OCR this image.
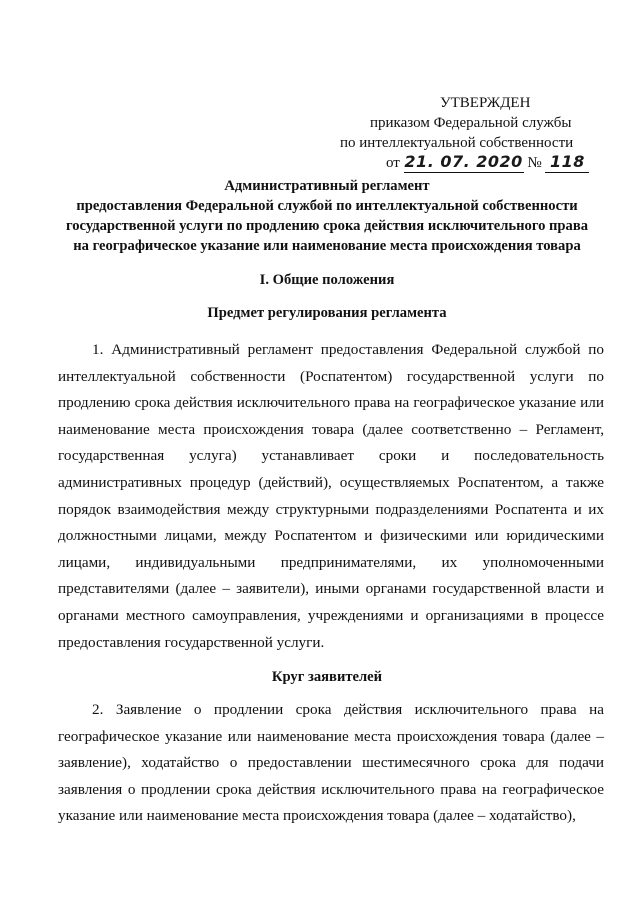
УТВЕРЖДЕН
приказом Федеральной службы
по интеллектуальной собственности
от 21. 07. 2020 № 118
Административный регламент
предоставления Федеральной службой по интеллектуальной собственности
государственной услуги по продлению срока действия исключительного права
на географическое указание или наименование места происхождения товара
I. Общие положения
Предмет регулирования регламента

1. Административный регламент предоставления Федеральной службой по интеллектуальной собственности (Роспатентом) государственной услуги по продлению срока действия исключительного права на географическое указание или наименование места происхождения товара (далее соответственно – Регламент, государственная услуга) устанавливает сроки и последовательность административных процедур (действий), осуществляемых Роспатентом, а также порядок взаимодействия между структурными подразделениями Роспатента и их должностными лицами, между Роспатентом и физическими или юридическими лицами, индивидуальными предпринимателями, их уполномоченными представителями (далее – заявители), иными органами государственной власти и органами местного самоуправления, учреждениями и организациями в процессе предоставления государственной услуги.

Круг заявителей

2. Заявление о продлении срока действия исключительного права на географическое указание или наименование места происхождения товара (далее – заявление), ходатайство о предоставлении шестимесячного срока для подачи заявления о продлении срока действия исключительного права на географическое указание или наименование места происхождения товара (далее – ходатайство),
